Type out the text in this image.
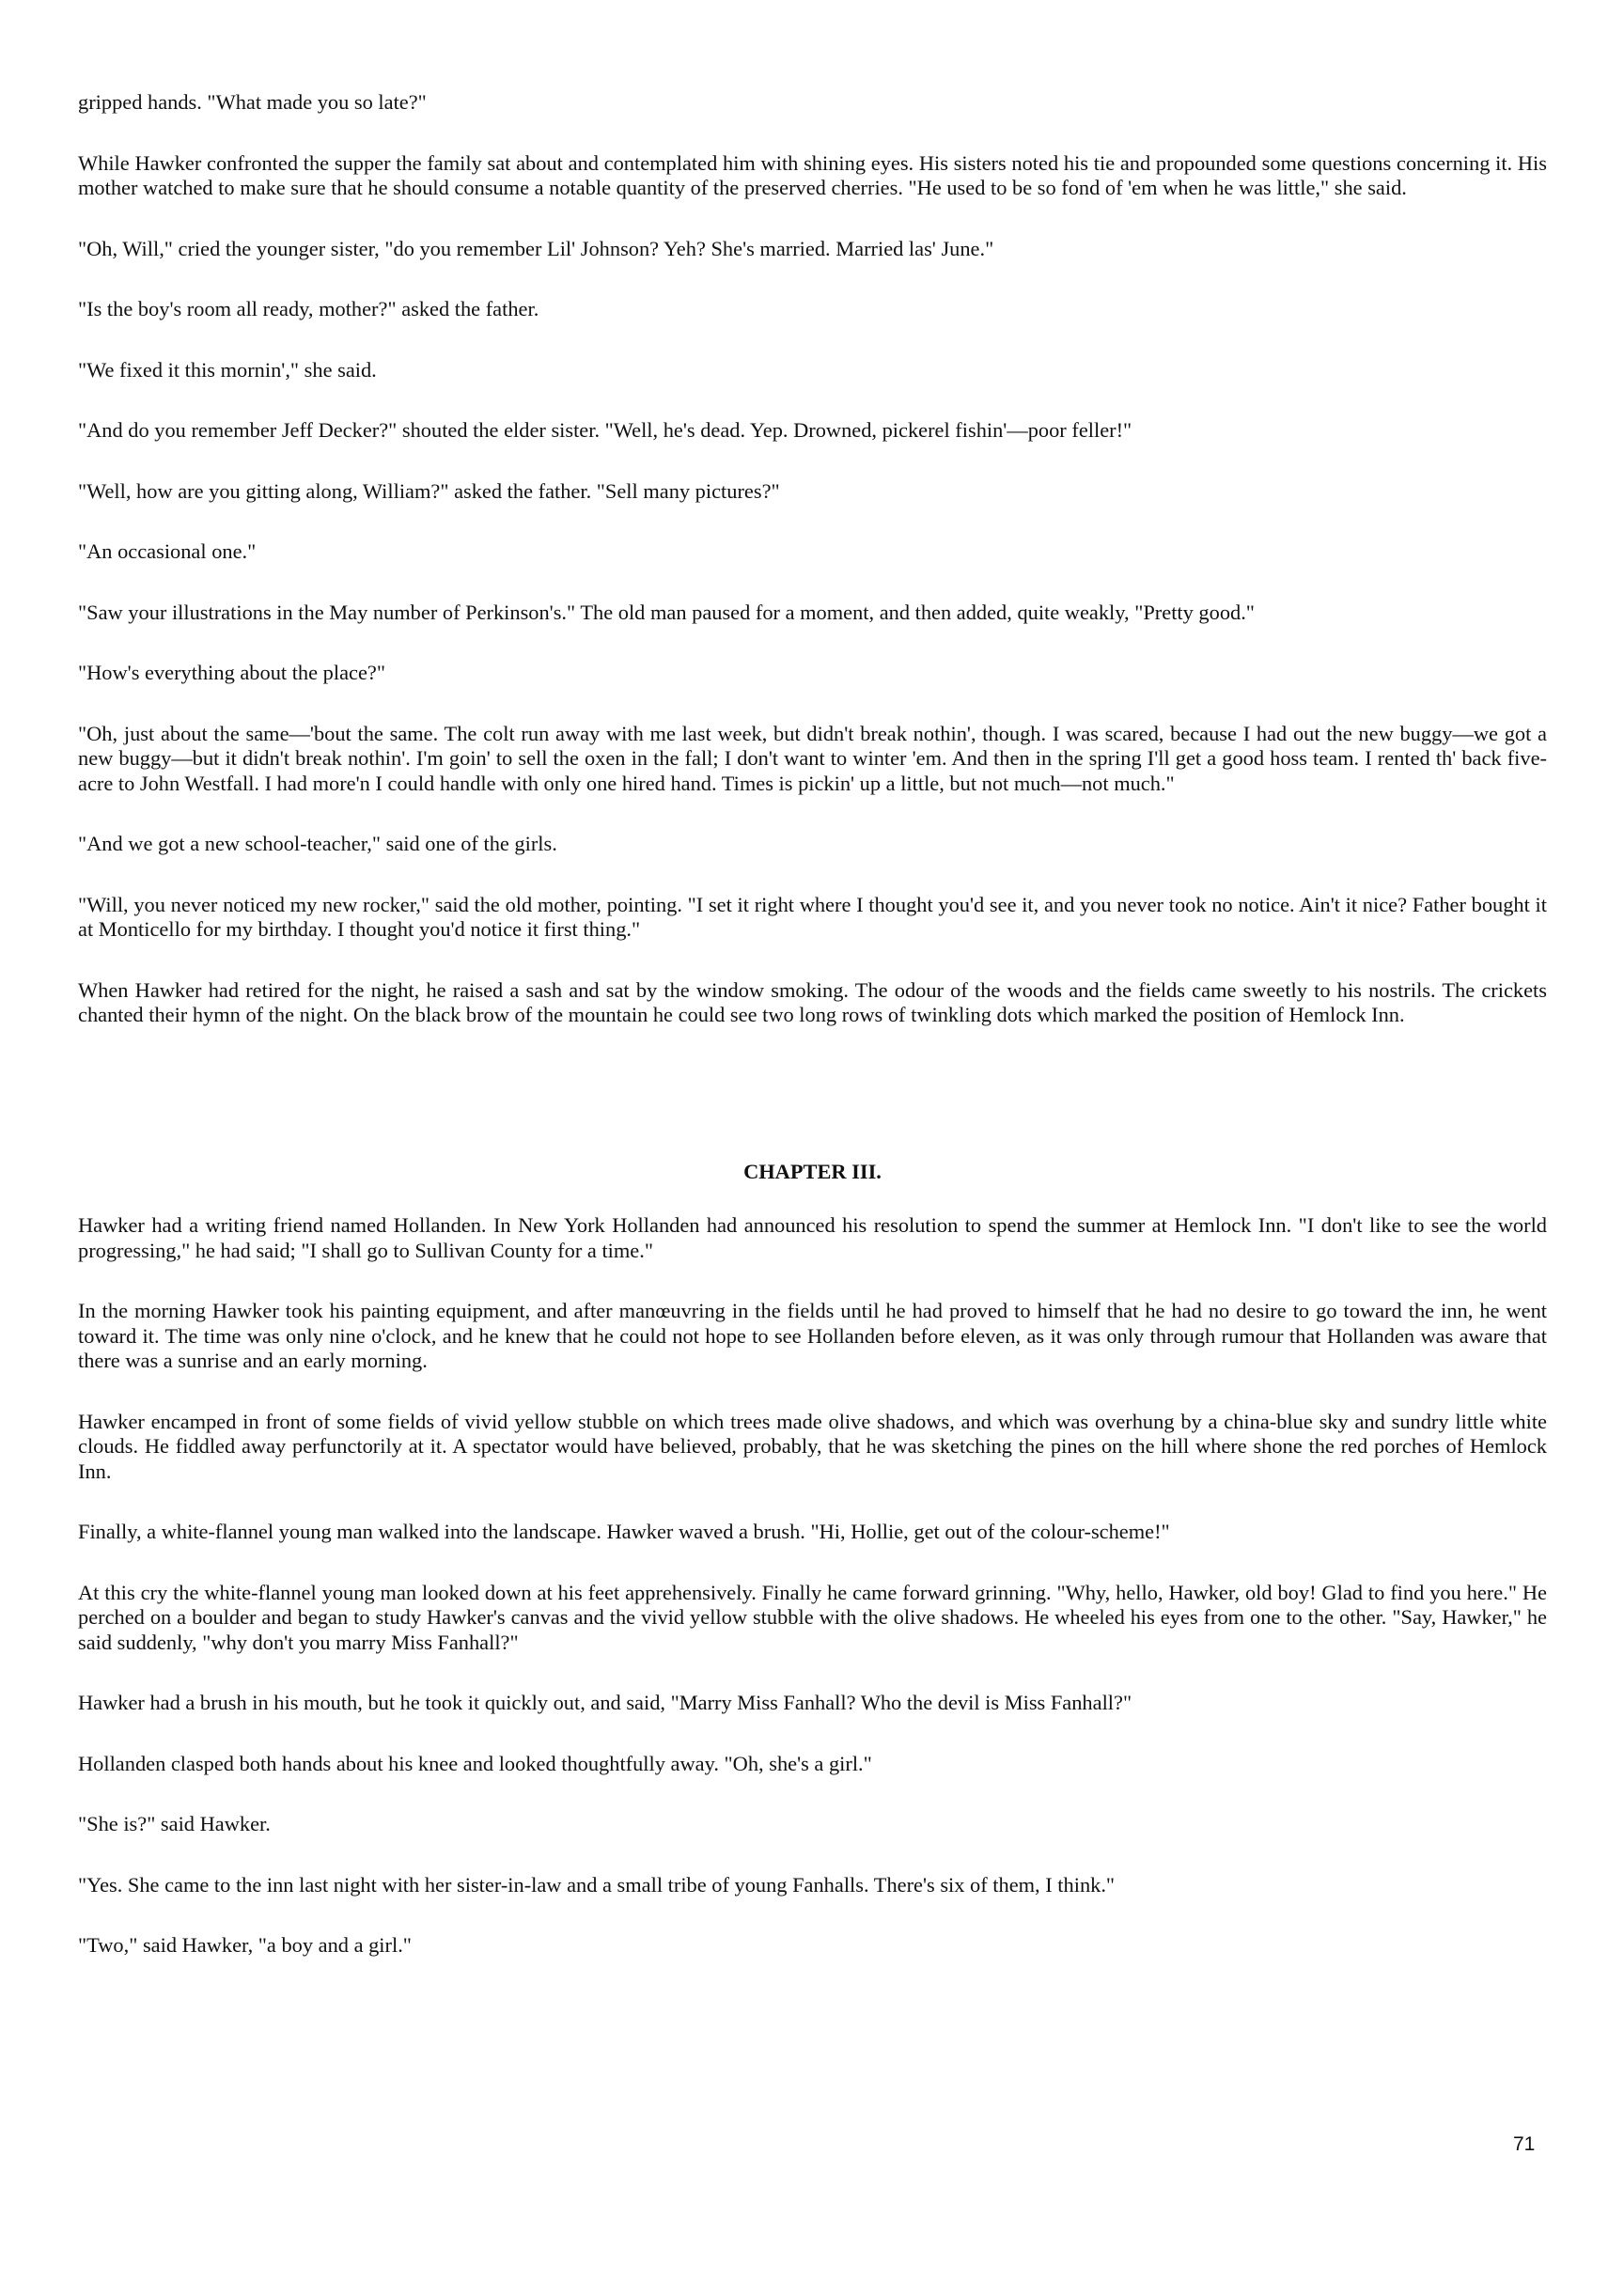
gripped hands. "What made you so late?"

While Hawker confronted the supper the family sat about and contemplated him with shining eyes. His sisters noted his tie and propounded some questions concerning it. His mother watched to make sure that he should consume a notable quantity of the preserved cherries. "He used to be so fond of 'em when he was little," she said.

"Oh, Will," cried the younger sister, "do you remember Lil' Johnson? Yeh? She's married. Married las' June."

"Is the boy's room all ready, mother?" asked the father.

"We fixed it this mornin'," she said.

"And do you remember Jeff Decker?" shouted the elder sister. "Well, he's dead. Yep. Drowned, pickerel fishin'—poor feller!"

"Well, how are you gitting along, William?" asked the father. "Sell many pictures?"

"An occasional one."

"Saw your illustrations in the May number of Perkinson's." The old man paused for a moment, and then added, quite weakly, "Pretty good."

"How's everything about the place?"

"Oh, just about the same—'bout the same. The colt run away with me last week, but didn't break nothin', though. I was scared, because I had out the new buggy—we got a new buggy—but it didn't break nothin'. I'm goin' to sell the oxen in the fall; I don't want to winter 'em. And then in the spring I'll get a good hoss team. I rented th' back five-acre to John Westfall. I had more'n I could handle with only one hired hand. Times is pickin' up a little, but not much—not much."

"And we got a new school-teacher," said one of the girls.

"Will, you never noticed my new rocker," said the old mother, pointing. "I set it right where I thought you'd see it, and you never took no notice. Ain't it nice? Father bought it at Monticello for my birthday. I thought you'd notice it first thing."

When Hawker had retired for the night, he raised a sash and sat by the window smoking. The odour of the woods and the fields came sweetly to his nostrils. The crickets chanted their hymn of the night. On the black brow of the mountain he could see two long rows of twinkling dots which marked the position of Hemlock Inn.

CHAPTER III.

Hawker had a writing friend named Hollanden. In New York Hollanden had announced his resolution to spend the summer at Hemlock Inn. "I don't like to see the world progressing," he had said; "I shall go to Sullivan County for a time."

In the morning Hawker took his painting equipment, and after manœuvring in the fields until he had proved to himself that he had no desire to go toward the inn, he went toward it. The time was only nine o'clock, and he knew that he could not hope to see Hollanden before eleven, as it was only through rumour that Hollanden was aware that there was a sunrise and an early morning.

Hawker encamped in front of some fields of vivid yellow stubble on which trees made olive shadows, and which was overhung by a china-blue sky and sundry little white clouds. He fiddled away perfunctorily at it. A spectator would have believed, probably, that he was sketching the pines on the hill where shone the red porches of Hemlock Inn.

Finally, a white-flannel young man walked into the landscape. Hawker waved a brush. "Hi, Hollie, get out of the colour-scheme!"

At this cry the white-flannel young man looked down at his feet apprehensively. Finally he came forward grinning. "Why, hello, Hawker, old boy! Glad to find you here." He perched on a boulder and began to study Hawker's canvas and the vivid yellow stubble with the olive shadows. He wheeled his eyes from one to the other. "Say, Hawker," he said suddenly, "why don't you marry Miss Fanhall?"

Hawker had a brush in his mouth, but he took it quickly out, and said, "Marry Miss Fanhall? Who the devil is Miss Fanhall?"

Hollanden clasped both hands about his knee and looked thoughtfully away. "Oh, she's a girl."

"She is?" said Hawker.

"Yes. She came to the inn last night with her sister-in-law and a small tribe of young Fanhalls. There's six of them, I think."

"Two," said Hawker, "a boy and a girl."

71
